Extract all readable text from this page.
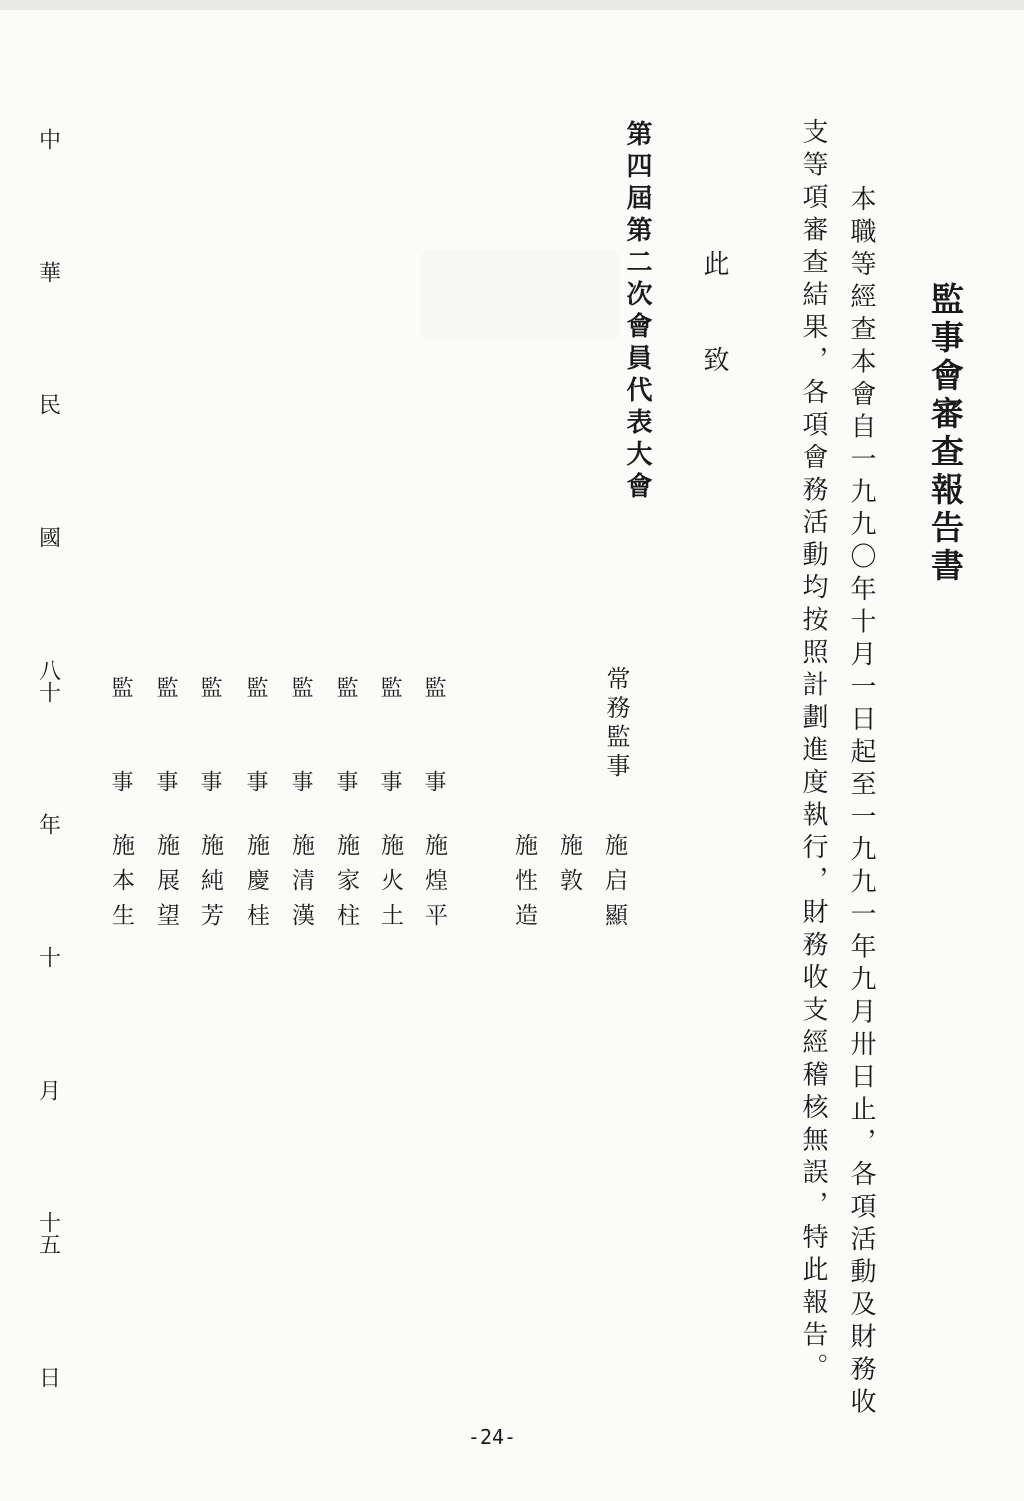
監事會審查報告書
本職等經查本會自一九九〇年十月一日起至一九九一年九月卅日止，各項活動及財務收
支等項審查結果，各項會務活動均按照計劃進度執行，財務收支經稽核無誤，特此報告。
此致
第四屆第二次會員代表大會
常務監事
施启顯
施敦
施性造
監事
施煌平
監事
施火土
監事
施家柱
監事
施清漢
監事
施慶桂
監事
施純芳
監事
施展望
監事
施本生
中
華
民
國
八十
年
十
月
十五
日
-24-
